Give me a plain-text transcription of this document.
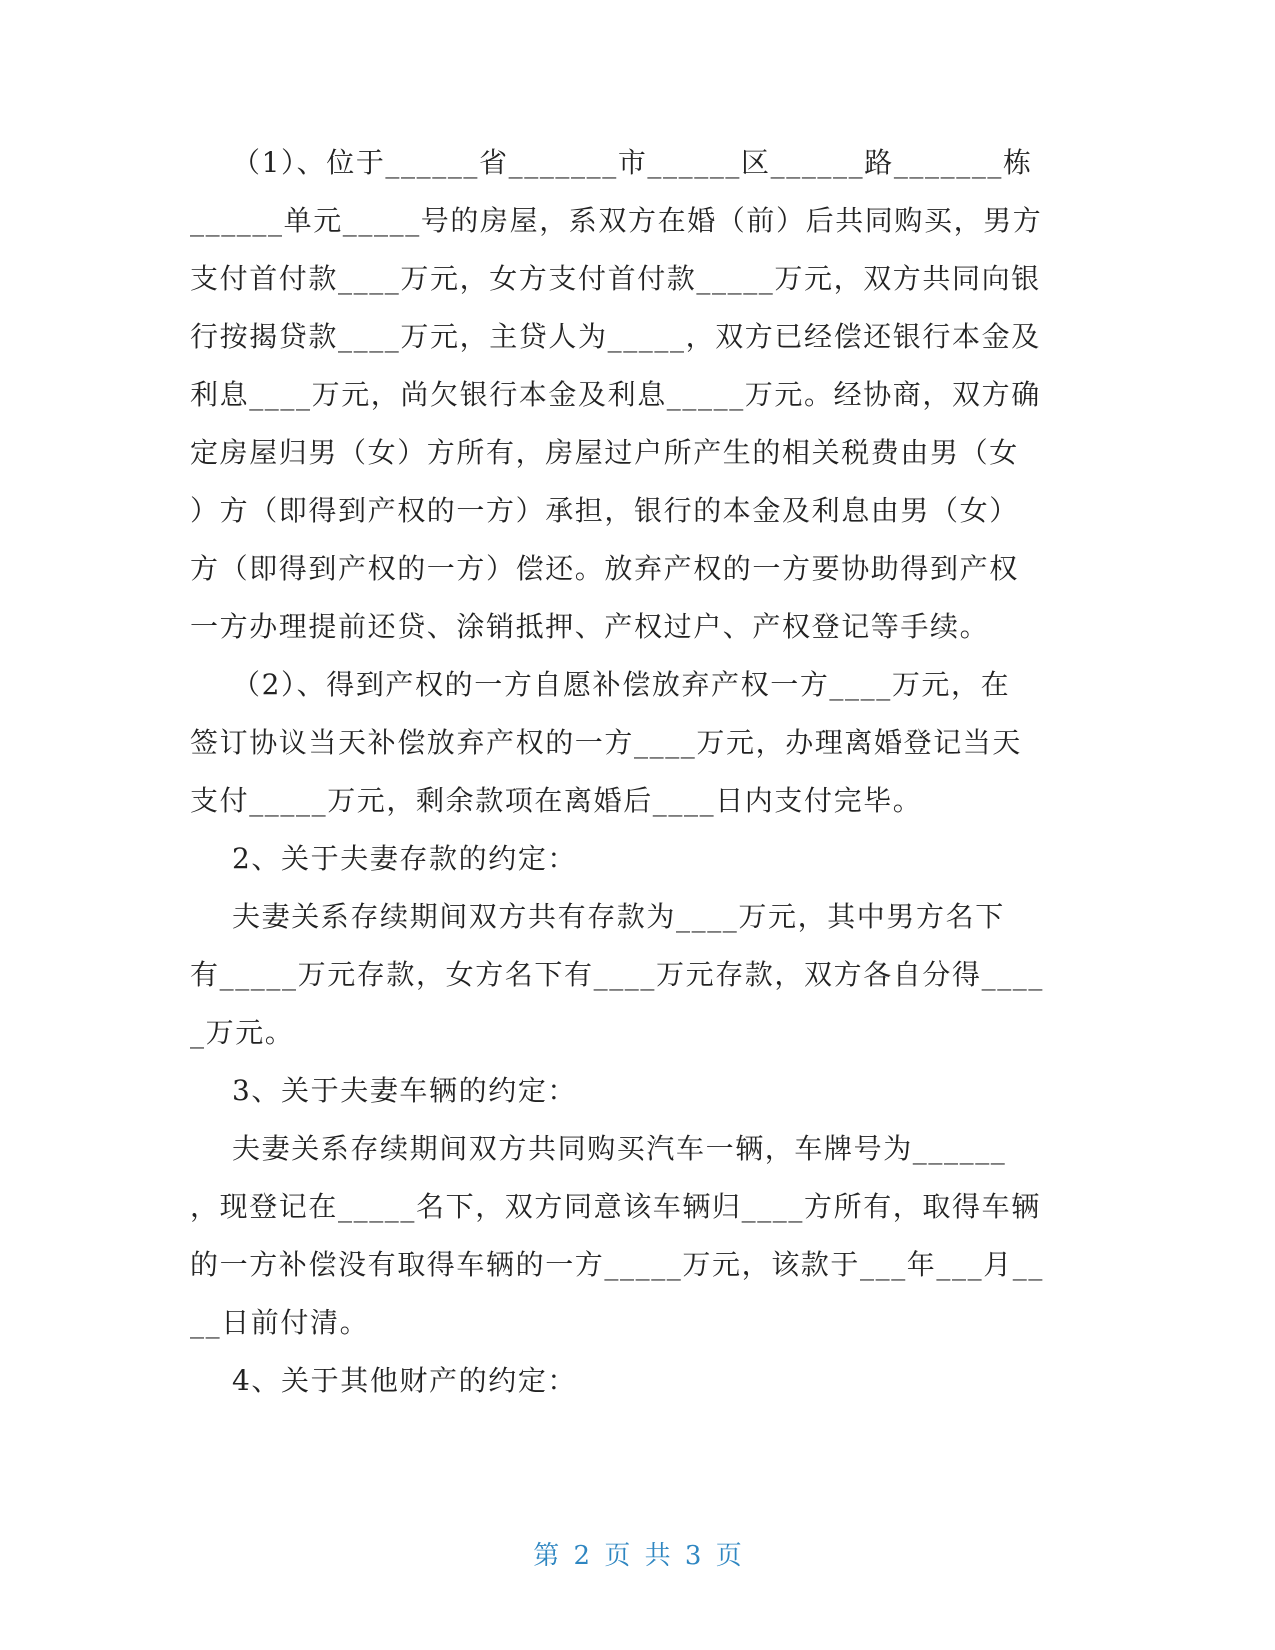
（1）、位于______省_______市______区______路_______栋
______单元_____号的房屋，系双方在婚（前）后共同购买，男方
支付首付款____万元，女方支付首付款_____万元，双方共同向银
行按揭贷款____万元，主贷人为_____，双方已经偿还银行本金及
利息____万元，尚欠银行本金及利息_____万元。经协商，双方确
定房屋归男（女）方所有，房屋过户所产生的相关税费由男（女
）方（即得到产权的一方）承担，银行的本金及利息由男（女）
方（即得到产权的一方）偿还。放弃产权的一方要协助得到产权
一方办理提前还贷、涂销抵押、产权过户、产权登记等手续。
（2）、得到产权的一方自愿补偿放弃产权一方____万元，在
签订协议当天补偿放弃产权的一方____万元，办理离婚登记当天
支付_____万元，剩余款项在离婚后____日内支付完毕。
2、关于夫妻存款的约定：
夫妻关系存续期间双方共有存款为____万元，其中男方名下
有_____万元存款，女方名下有____万元存款，双方各自分得____
_万元。
3、关于夫妻车辆的约定：
夫妻关系存续期间双方共同购买汽车一辆，车牌号为______
，现登记在_____名下，双方同意该车辆归____方所有，取得车辆
的一方补偿没有取得车辆的一方_____万元，该款于___年___月__
__日前付清。
4、关于其他财产的约定：
第 2 页 共 3 页
